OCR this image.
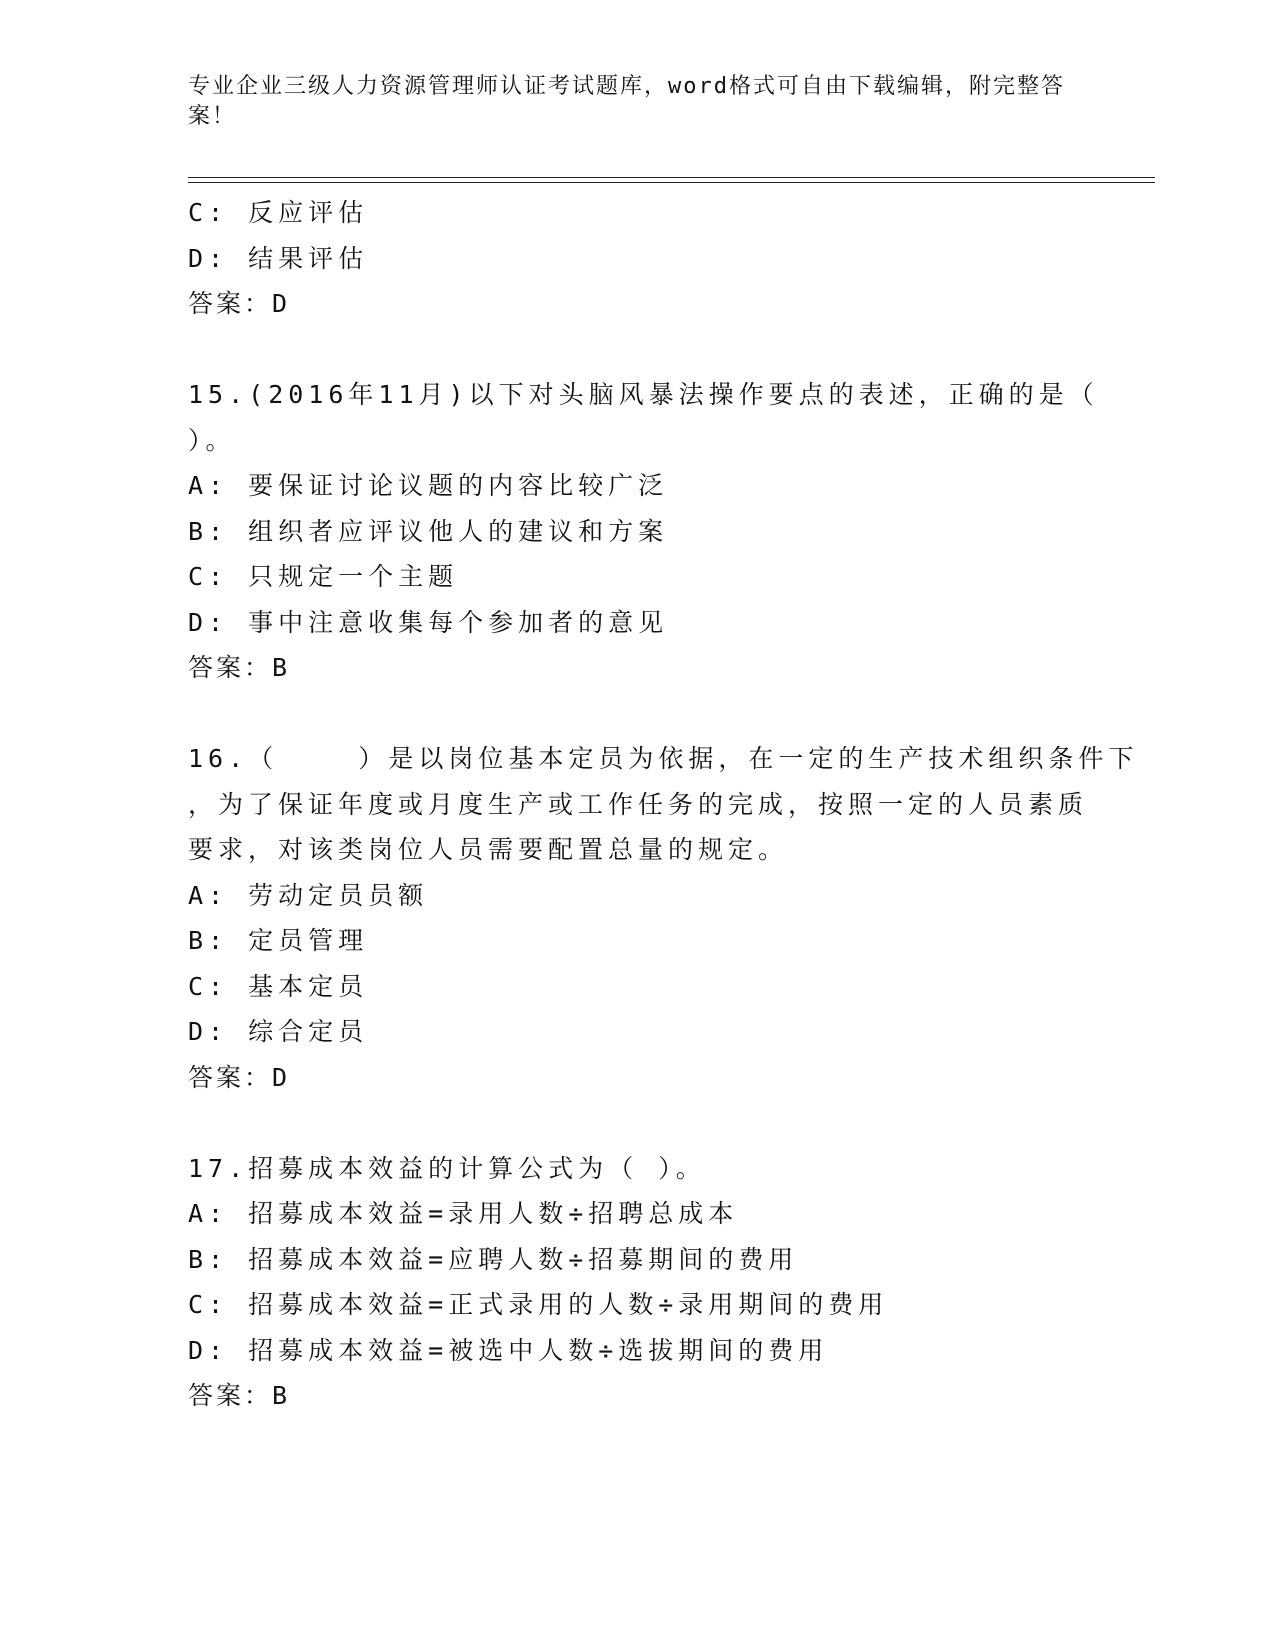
专业企业三级人力资源管理师认证考试题库，word格式可自由下载编辑，附完整答案！
C: 反应评估
D: 结果评估
答案：D
15.(2016年11月)以下对头脑风暴法操作要点的表述，正确的是（
）。
A: 要保证讨论议题的内容比较广泛
B: 组织者应评议他人的建议和方案
C: 只规定一个主题
D: 事中注意收集每个参加者的意见
答案：B
16.（    ）是以岗位基本定员为依据，在一定的生产技术组织条件下
，为了保证年度或月度生产或工作任务的完成，按照一定的人员素质
要求，对该类岗位人员需要配置总量的规定。
A: 劳动定员员额
B: 定员管理
C: 基本定员
D: 综合定员
答案：D
17.招募成本效益的计算公式为（ ）。
A: 招募成本效益=录用人数÷招聘总成本
B: 招募成本效益=应聘人数÷招募期间的费用
C: 招募成本效益=正式录用的人数÷录用期间的费用
D: 招募成本效益=被选中人数÷选拔期间的费用
答案：B
